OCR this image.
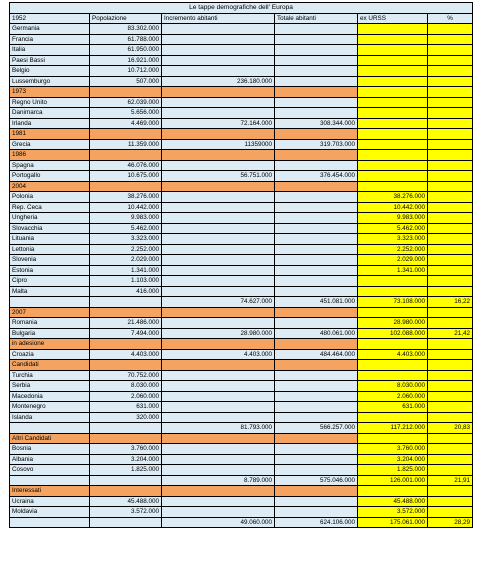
Le tappe demografiche dell' Europa					
1952	Popolazione	Incremento abitanti	Totale abitanti	ex URSS	%
Germania	83.302.000				
Francia	61.788.000				
Italia	61.950.000				
Paesi Bassi	16.921.000				
Belgio	10.712.000				
Lussemburgo	507.000	236.180.000			
1973					
Regno Unito	62.039.000				
Danimarca	5.656.000				
Irlanda	4.469.000	72.164.000	308.344.000		
1981					
Grecia	11.359.000	11359000	319.703.000		
1986					
Spagna	46.076.000				
Portogallo	10.675.000	56.751.000	376.454.000		
2004					
Polonia	38.276.000			38.276.000	
Rep. Ceca	10.442.000			10.442.000	
Ungheria	9.983.000			9.983.000	
Slovacchia	5.462.000			5.462.000	
Lituania	3.323.000			3.323.000	
Lettonia	2.252.000			2.252.000	
Slovenia	2.029.000			2.029.000	
Estonia	1.341.000			1.341.000	
Cipro	1.103.000				
Malta	416.000				
		74.627.000	451.081.000	73.108.000	16,22
2007					
Romania	21.486.000			28.980.000	
Bulgaria	7.494.000	28.980.000	480.061.000	102.088.000	21,42
in adesione					
Croazia	4.403.000	4.403.000	484.464.000	4.403.000	
Candidati					
Turchia	70.752.000				
Serbia	8.030.000			8.030.000	
Macedonia	2.060.000			2.060.000	
Montenegro	631.000			631.000	
Islanda	320.000				
		81.793.000	566.257.000	117.212.000	20,83
Altri Candidati					
Bosnia	3.760.000			3.760.000	
Albania	3.204.000			3.204.000	
Cosovo	1.825.000			1.825.000	
		8.789.000	575.046.000	126.001.000	21,91
Interessati					
Ucraina	45.488.000			45.488.000	
Moldavia	3.572.000			3.572.000	
		49.060.000	624.106.000	175.061.000	28,29
